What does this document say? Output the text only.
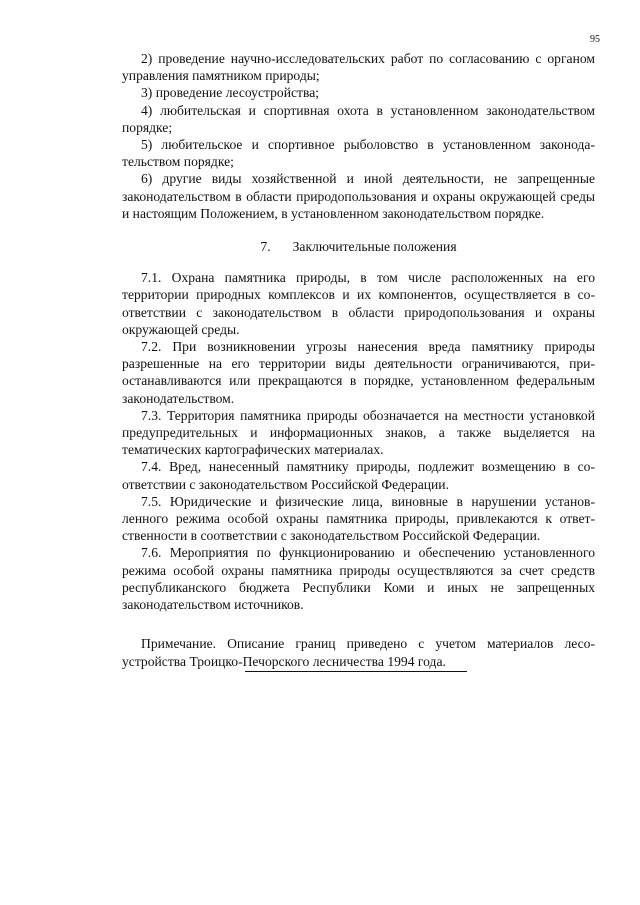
95

2) проведение научно-исследовательских работ по согласованию с органом управления памятником природы;

3) проведение лесоустройства;

4) любительская и спортивная охота в установленном законодательством порядке;

5) любительское и спортивное рыболовство в установленном законодательством порядке;

6) другие виды хозяйственной и иной деятельности, не запрещенные законодательством в области природопользования и охраны окружающей среды и настоящим Положением, в установленном законодательством порядке.

7. Заключительные положения

7.1. Охрана памятника природы, в том числе расположенных на его территории природных комплексов и их компонентов, осуществляется в соответствии с законодательством в области природопользования и охраны окружающей среды.

7.2. При возникновении угрозы нанесения вреда памятнику природы разрешенные на его территории виды деятельности ограничиваются, приостанавливаются или прекращаются в порядке, установленном федеральным законодательством.

7.3. Территория памятника природы обозначается на местности установкой предупредительных и информационных знаков, а также выделяется на тематических картографических материалах.

7.4. Вред, нанесенный памятнику природы, подлежит возмещению в соответствии с законодательством Российской Федерации.

7.5. Юридические и физические лица, виновные в нарушении установленного режима особой охраны памятника природы, привлекаются к ответственности в соответствии с законодательством Российской Федерации.

7.6. Мероприятия по функционированию и обеспечению установленного режима особой охраны памятника природы осуществляются за счет средств республиканского бюджета Республики Коми и иных не запрещенных законодательством источников.

Примечание. Описание границ приведено с учетом материалов лесоустройства Троицко-Печорского лесничества 1994 года.
